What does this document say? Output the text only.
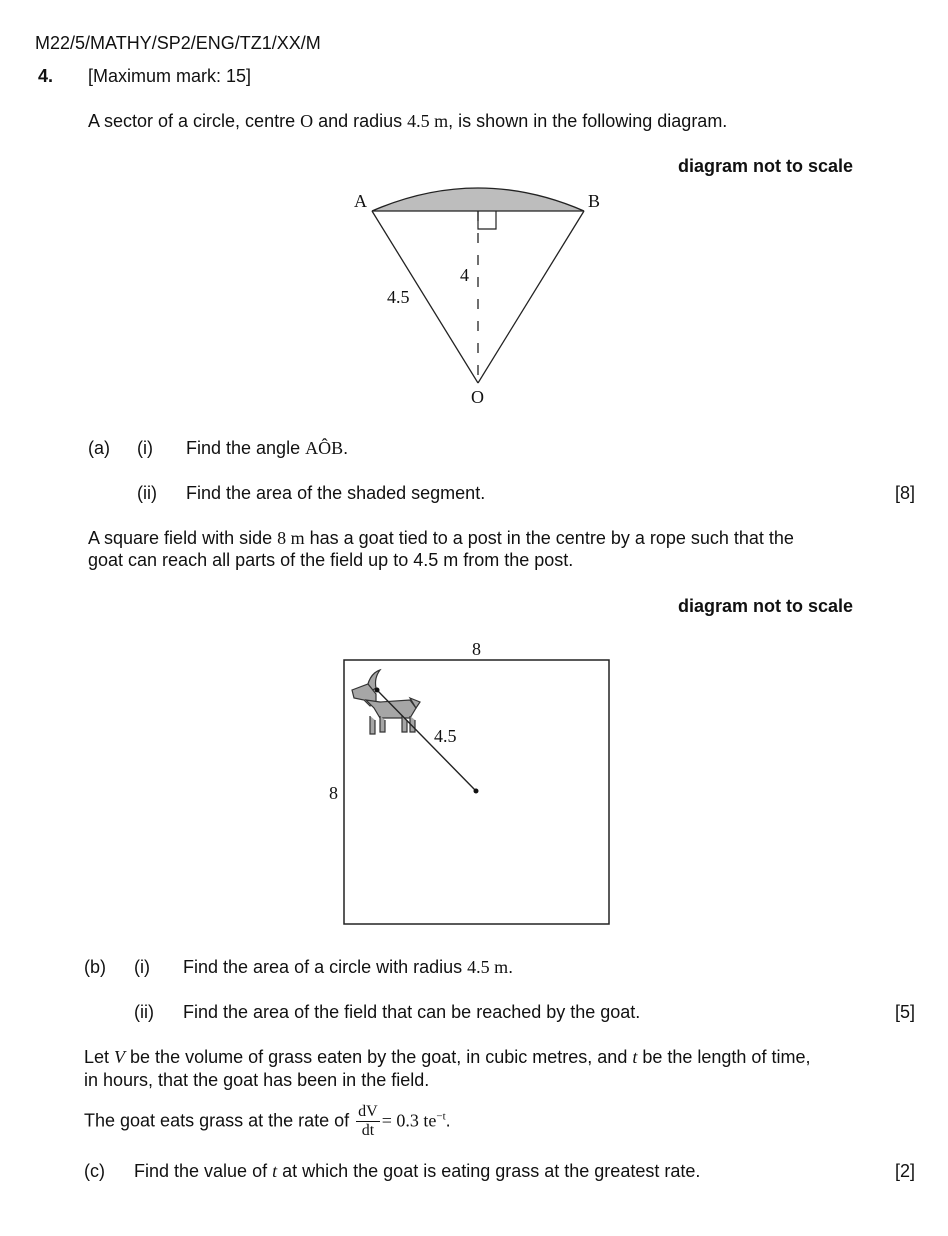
M22/5/MATHY/SP2/ENG/TZ1/XX/M
4. [Maximum mark: 15]
A sector of a circle, centre O and radius 4.5 m, is shown in the following diagram.
diagram not to scale
A	B
O
4.5
4
(a) (i) Find the angle AÔB.
(ii) Find the area of the shaded segment.	[8]
A square field with side 8 m has a goat tied to a post in the centre by a rope such that the
goat can reach all parts of the field up to 4.5 m from the post.
diagram not to scale
8
8
4.5
(b) (i) Find the area of a circle with radius 4.5 m.
(ii) Find the area of the field that can be reached by the goat.	[5]
Let V be the volume of grass eaten by the goat, in cubic metres, and t be the length of time,
in hours, that the goat has been in the field.
The goat eats grass at the rate of $\frac{dV}{dt} = 0.3$ $te^{-t}$.
(c) Find the value of t at which the goat is eating grass at the greatest rate.	[2]
